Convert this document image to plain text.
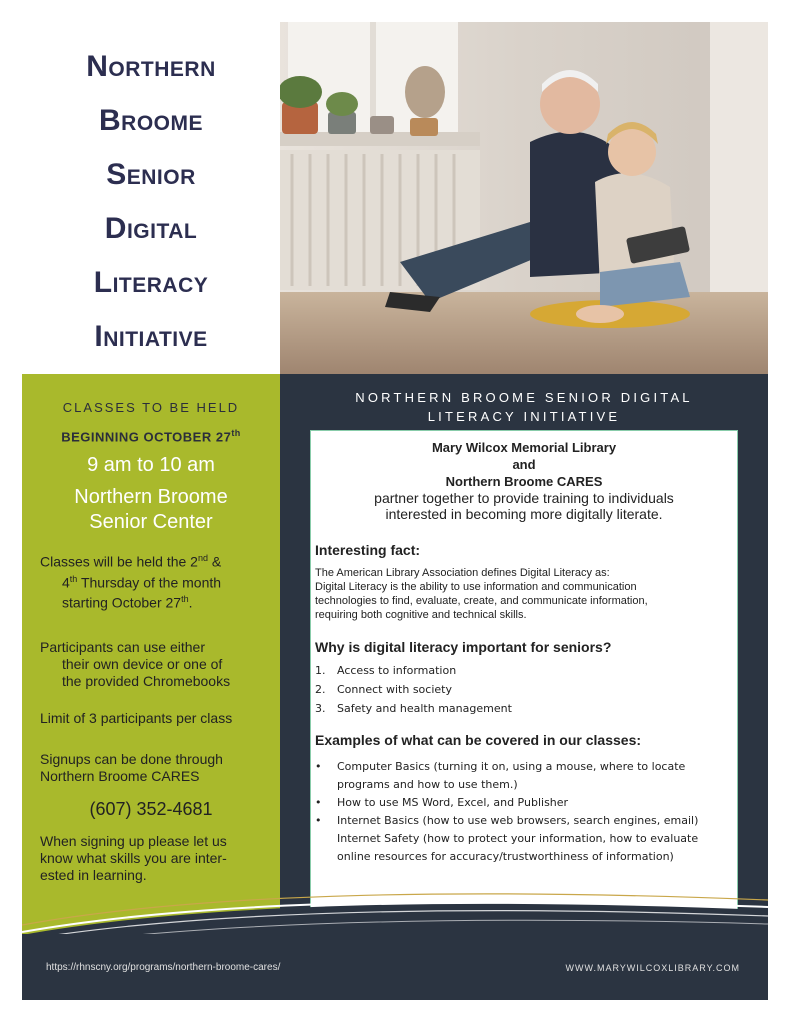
Northern
Broome
Senior
Digital
Literacy
Initiative
CLASSES TO BE HELD
BEGINNING OCTOBER 27th
9 am to 10 am
Northern Broome
Senior Center
Classes will be held the 2nd &
4th Thursday of the month
starting October 27th.
Participants can use either
their own device or one of
the provided Chromebooks
Limit of 3 participants per class
Signups can be done through
Northern Broome CARES
(607) 352-4681
When signing up please let us
know what skills you are inter-
ested in learning.
NORTHERN BROOME SENIOR DIGITAL
LITERACY INITIATIVE
Mary Wilcox Memorial Library
and
Northern Broome CARES
partner together to provide training to individuals
interested in becoming more digitally literate.
Interesting fact:
The American Library Association defines Digital Literacy as:
Digital Literacy is the ability to use information and communication
technologies to find, evaluate, create, and communicate information,
requiring both cognitive and technical skills.
Why is digital literacy important for seniors?
1.	Access to information
2.	Connect with society
3.	Safety and health management
Examples of what can be covered in our classes:
•	Computer Basics (turning it on, using a mouse, where to locate
programs and how to use them.)
•	How to use MS Word, Excel, and Publisher
•	Internet Basics (how to use web browsers, search engines, email)
Internet Safety (how to protect your information, how to evaluate
online resources for accuracy/trustworthiness of information)
https://rhnscny.org/programs/northern-broome-cares/	WWW.MARYWILCOXLIBRARY.COM
